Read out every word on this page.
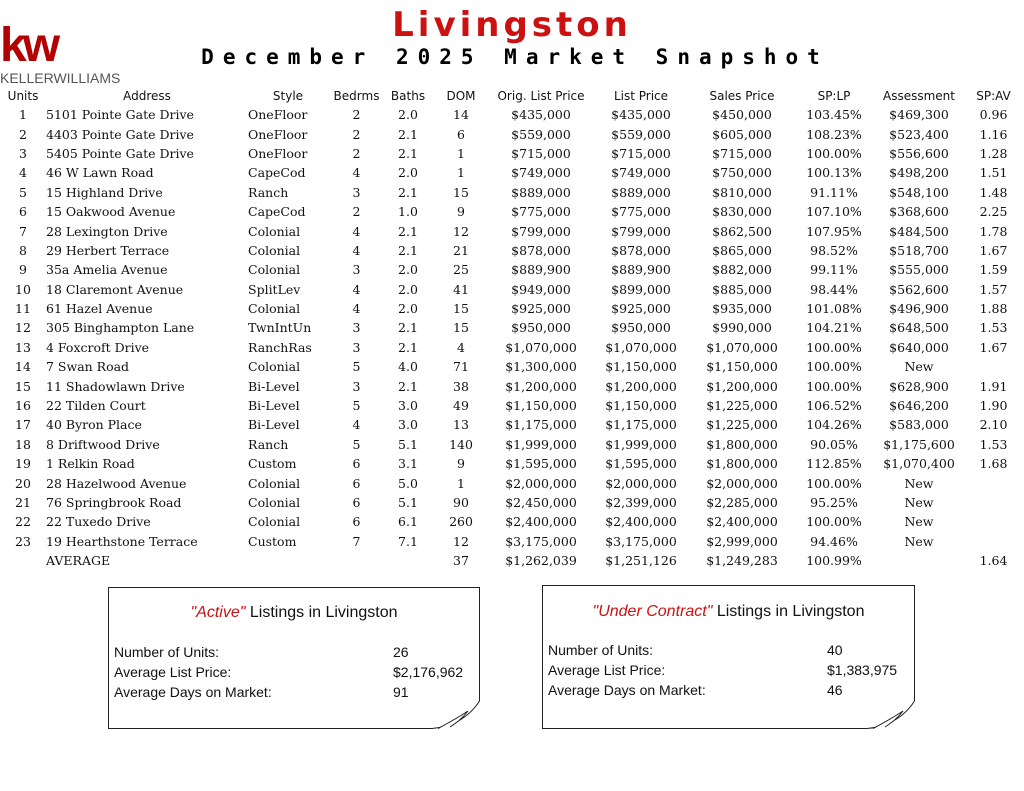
kw
KELLERWILLIAMS
Livingston
December 2025 Market Snapshot
Units	Address	Style	Bedrms	Baths	DOM	Orig. List Price	List Price	Sales Price	SP:LP	Assessment	SP:AV
1	5101 Pointe Gate Drive	OneFloor	2	2.0	14	$435,000	$435,000	$450,000	103.45%	$469,300	0.96
2	4403 Pointe Gate Drive	OneFloor	2	2.1	6	$559,000	$559,000	$605,000	108.23%	$523,400	1.16
3	5405 Pointe Gate Drive	OneFloor	2	2.1	1	$715,000	$715,000	$715,000	100.00%	$556,600	1.28
4	46 W Lawn Road	CapeCod	4	2.0	1	$749,000	$749,000	$750,000	100.13%	$498,200	1.51
5	15 Highland Drive	Ranch	3	2.1	15	$889,000	$889,000	$810,000	91.11%	$548,100	1.48
6	15 Oakwood Avenue	CapeCod	2	1.0	9	$775,000	$775,000	$830,000	107.10%	$368,600	2.25
7	28 Lexington Drive	Colonial	4	2.1	12	$799,000	$799,000	$862,500	107.95%	$484,500	1.78
8	29 Herbert Terrace	Colonial	4	2.1	21	$878,000	$878,000	$865,000	98.52%	$518,700	1.67
9	35a Amelia Avenue	Colonial	3	2.0	25	$889,900	$889,900	$882,000	99.11%	$555,000	1.59
10	18 Claremont Avenue	SplitLev	4	2.0	41	$949,000	$899,000	$885,000	98.44%	$562,600	1.57
11	61 Hazel Avenue	Colonial	4	2.0	15	$925,000	$925,000	$935,000	101.08%	$496,900	1.88
12	305 Binghampton Lane	TwnIntUn	3	2.1	15	$950,000	$950,000	$990,000	104.21%	$648,500	1.53
13	4 Foxcroft Drive	RanchRas	3	2.1	4	$1,070,000	$1,070,000	$1,070,000	100.00%	$640,000	1.67
14	7 Swan Road	Colonial	5	4.0	71	$1,300,000	$1,150,000	$1,150,000	100.00%	New	
15	11 Shadowlawn Drive	Bi-Level	3	2.1	38	$1,200,000	$1,200,000	$1,200,000	100.00%	$628,900	1.91
16	22 Tilden Court	Bi-Level	5	3.0	49	$1,150,000	$1,150,000	$1,225,000	106.52%	$646,200	1.90
17	40 Byron Place	Bi-Level	4	3.0	13	$1,175,000	$1,175,000	$1,225,000	104.26%	$583,000	2.10
18	8 Driftwood Drive	Ranch	5	5.1	140	$1,999,000	$1,999,000	$1,800,000	90.05%	$1,175,600	1.53
19	1 Relkin Road	Custom	6	3.1	9	$1,595,000	$1,595,000	$1,800,000	112.85%	$1,070,400	1.68
20	28 Hazelwood Avenue	Colonial	6	5.0	1	$2,000,000	$2,000,000	$2,000,000	100.00%	New	
21	76 Springbrook Road	Colonial	6	5.1	90	$2,450,000	$2,399,000	$2,285,000	95.25%	New	
22	22 Tuxedo Drive	Colonial	6	6.1	260	$2,400,000	$2,400,000	$2,400,000	100.00%	New	
23	19 Hearthstone Terrace	Custom	7	7.1	12	$3,175,000	$3,175,000	$2,999,000	94.46%	New	
	AVERAGE				37	$1,262,039	$1,251,126	$1,249,283	100.99%		1.64
"Active" Listings in Livingston
Number of Units:	26
Average List Price:	$2,176,962
Average Days on Market:	91
"Under Contract" Listings in Livingston
Number of Units:	40
Average List Price:	$1,383,975
Average Days on Market:	46
